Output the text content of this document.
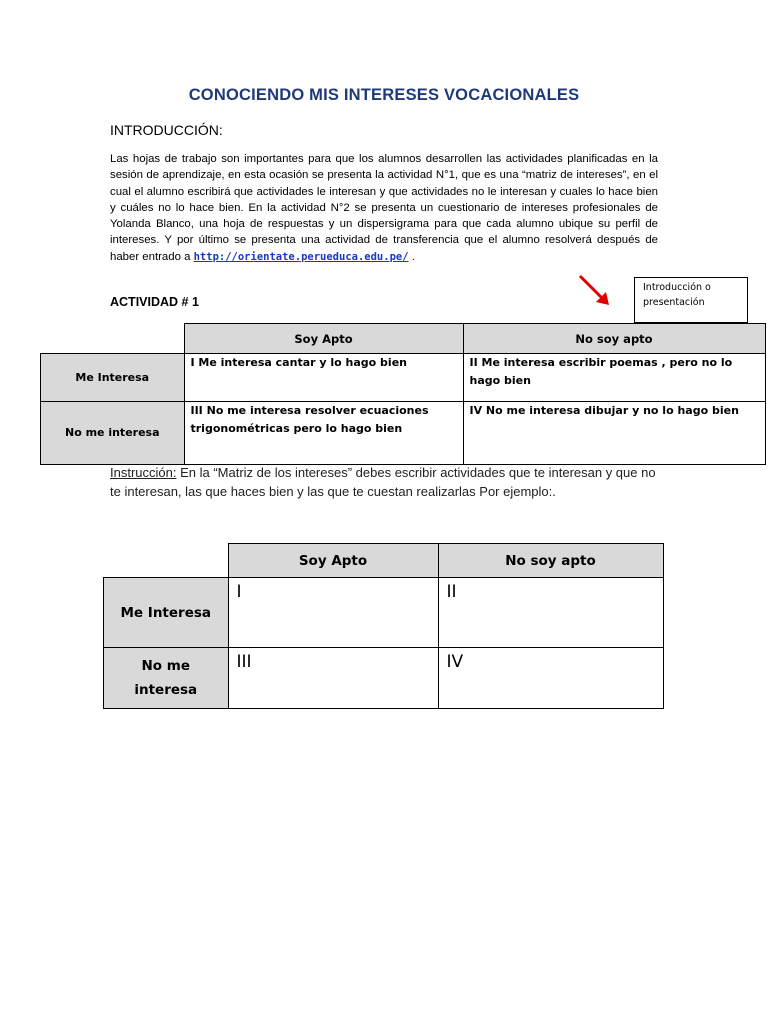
CONOCIENDO MIS INTERESES VOCACIONALES
INTRODUCCIÓN:
Las hojas de trabajo son importantes para que los alumnos desarrollen las actividades planificadas en la sesión de aprendizaje, en esta ocasión se presenta la actividad N°1, que es una “matriz de intereses”, en el cual el alumno escribirá que actividades le interesan y que actividades no le interesan y cuales lo hace bien y cuáles no lo hace bien. En la actividad N°2 se presenta un cuestionario de intereses profesionales de Yolanda Blanco, una hoja de respuestas y un dispersigrama para que cada alumno ubique su perfil de intereses. Y por último se presenta una actividad de transferencia que el alumno resolverá después de haber entrado a http://orientate.perueduca.edu.pe/ .
ACTIVIDAD # 1
Introducción o presentación
	Soy Apto	No soy apto
Me Interesa	I Me interesa cantar y lo hago bien	II Me interesa escribir poemas , pero no lo hago bien
No me interesa	III No me interesa resolver ecuaciones trigonométricas pero lo hago bien	IV No me interesa dibujar y no lo hago bien
Instrucción: En la “Matriz de los intereses” debes escribir actividades que te interesan y que no te interesan, las que haces bien y las que te cuestan realizarlas Por ejemplo:.
	Soy Apto	No soy apto
Me Interesa	I	II
No me interesa	III	IV
